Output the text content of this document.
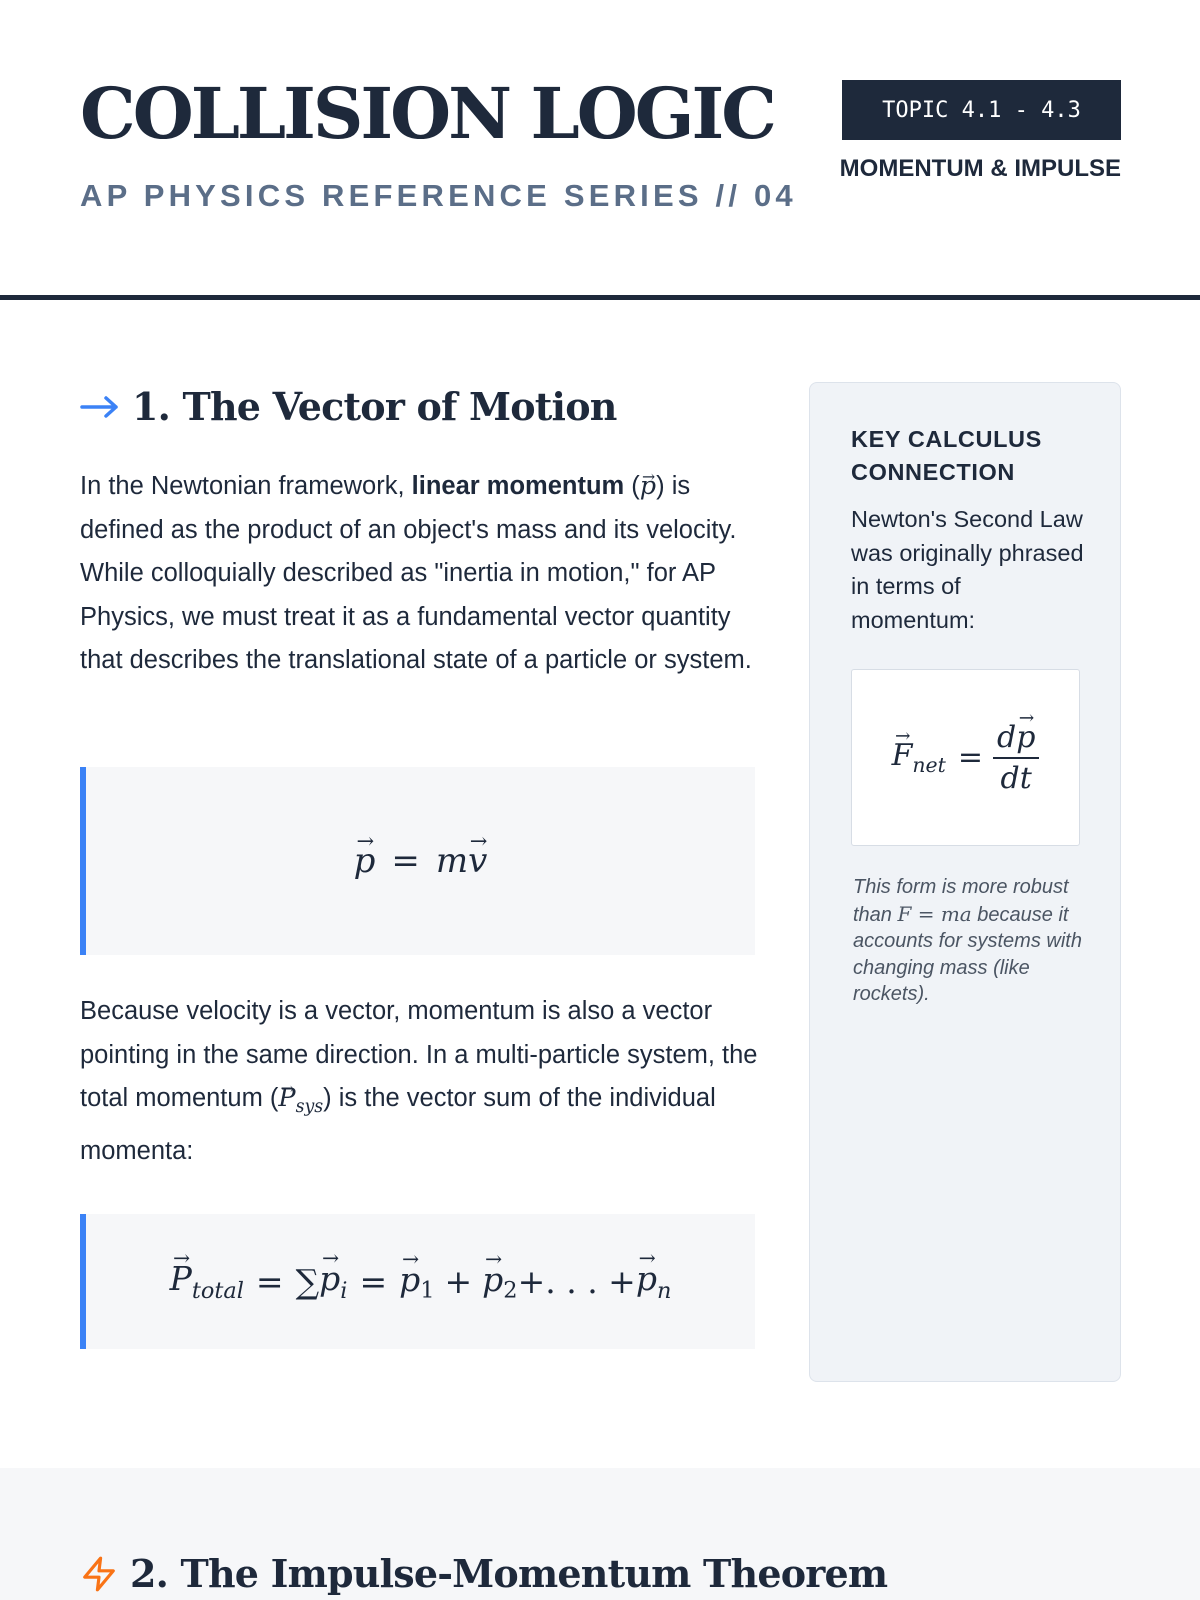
COLLISION LOGIC
AP PHYSICS REFERENCE SERIES // 04
TOPIC 4.1 - 4.3
MOMENTUM & IMPULSE
1. The Vector of Motion

In the Newtonian framework, linear momentum (→ p) is defined as the product of an object's mass and its velocity. While colloquially described as "inertia in motion," for AP Physics, we must treat it as a fundamental vector quantity that describes the translational state of a particle or system.

→ p = m → v

Because velocity is a vector, momentum is also a vector pointing in the same direction. In a multi-particle system, the total momentum (→ $P_{sys}$) is the vector sum of the individual momenta:

→ $P_{total}$ = ∑ → $p_i$ = → $p_1$ + → $p_2$ +. . . + → $p_n$

KEY CALCULUS CONNECTION

Newton's Second Law was originally phrased in terms of momentum:

→ $F_{net} = \frac{d\to p}{dt}$

This form is more robust than F = ma because it accounts for systems with changing mass (like rockets).

2. The Impulse-Momentum Theorem
